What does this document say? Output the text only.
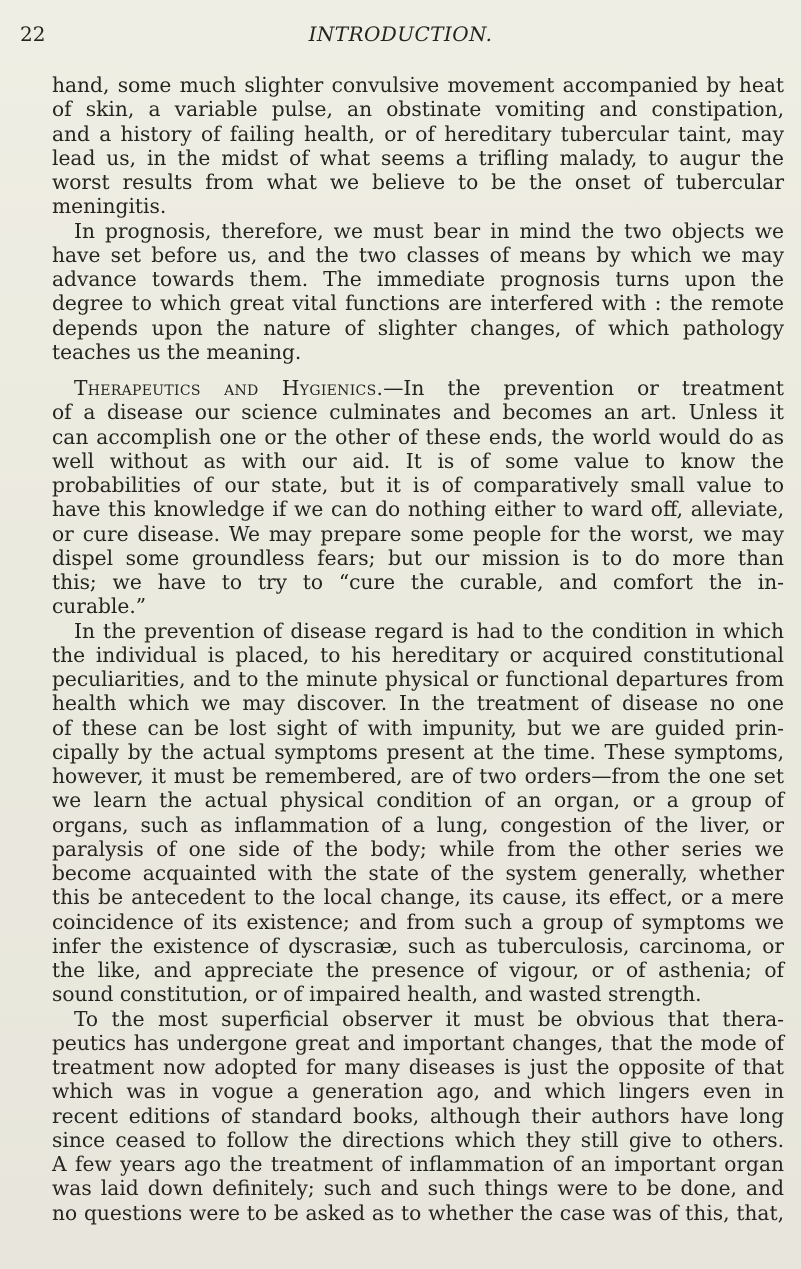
22	INTRODUCTION.
hand, some much slighter convulsive movement accompanied by heat
of skin, a variable pulse, an obstinate vomiting and constipation,
and a history of failing health, or of hereditary tubercular taint, may
lead us, in the midst of what seems a trifling malady, to augur the
worst results from what we believe to be the onset of tubercular
meningitis.
In prognosis, therefore, we must bear in mind the two objects we
have set before us, and the two classes of means by which we may
advance towards them. The immediate prognosis turns upon the
degree to which great vital functions are interfered with : the remote
depends upon the nature of slighter changes, of which pathology
teaches us the meaning.
Therapeutics and Hygienics.—In the prevention or treatment
of a disease our science culminates and becomes an art. Unless it
can accomplish one or the other of these ends, the world would do as
well without as with our aid. It is of some value to know the
probabilities of our state, but it is of comparatively small value to
have this knowledge if we can do nothing either to ward off, alleviate,
or cure disease. We may prepare some people for the worst, we may
dispel some groundless fears; but our mission is to do more than
this; we have to try to “cure the curable, and comfort the in-
curable.”
In the prevention of disease regard is had to the condition in which
the individual is placed, to his hereditary or acquired constitutional
peculiarities, and to the minute physical or functional departures from
health which we may discover. In the treatment of disease no one
of these can be lost sight of with impunity, but we are guided prin-
cipally by the actual symptoms present at the time. These symptoms,
however, it must be remembered, are of two orders—from the one set
we learn the actual physical condition of an organ, or a group of
organs, such as inflammation of a lung, congestion of the liver, or
paralysis of one side of the body; while from the other series we
become acquainted with the state of the system generally, whether
this be antecedent to the local change, its cause, its effect, or a mere
coincidence of its existence; and from such a group of symptoms we
infer the existence of dyscrasiæ, such as tuberculosis, carcinoma, or
the like, and appreciate the presence of vigour, or of asthenia; of
sound constitution, or of impaired health, and wasted strength.
To the most superficial observer it must be obvious that thera-
peutics has undergone great and important changes, that the mode of
treatment now adopted for many diseases is just the opposite of that
which was in vogue a generation ago, and which lingers even in
recent editions of standard books, although their authors have long
since ceased to follow the directions which they still give to others.
A few years ago the treatment of inflammation of an important organ
was laid down definitely; such and such things were to be done, and
no questions were to be asked as to whether the case was of this, that,
